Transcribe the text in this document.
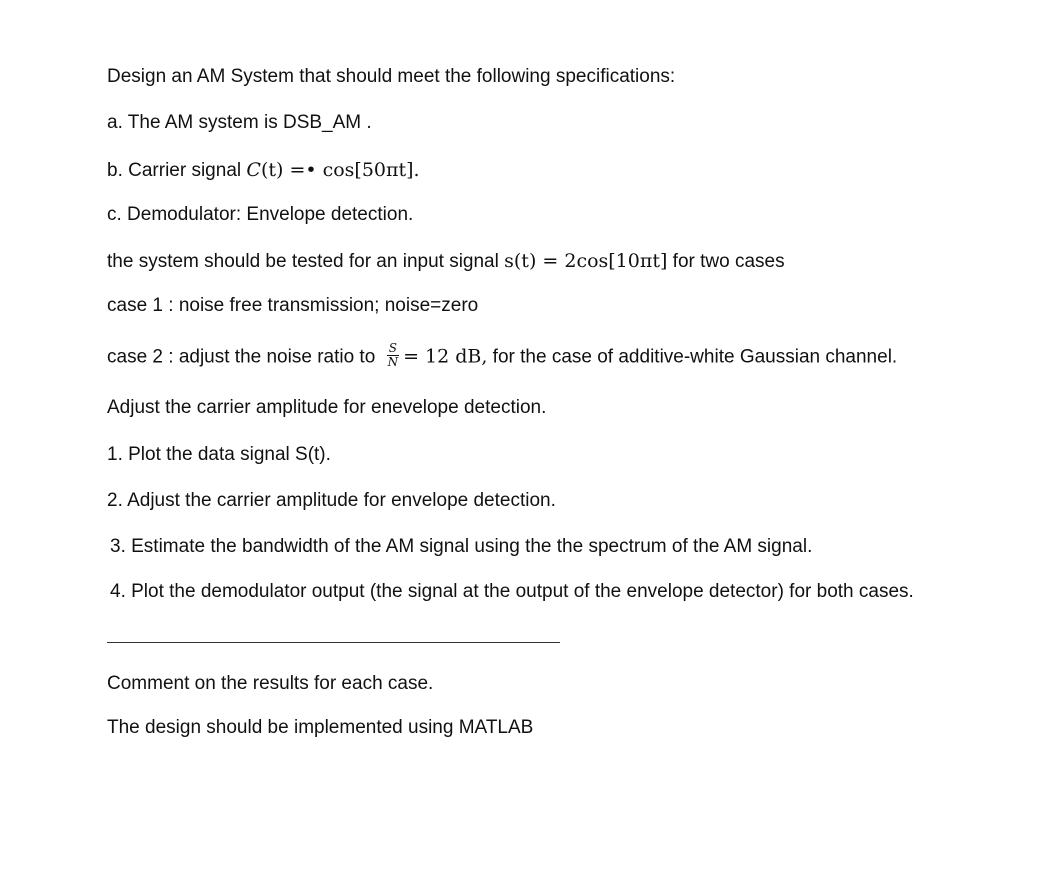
Design an AM System that should meet the following specifications:
a. The AM system is DSB_AM .
b. Carrier signal C(t) =• cos[50πt].
c. Demodulator: Envelope detection.
the system should be tested for an input signal s(t) = 2cos[10πt] for two cases
case 1 : noise free transmission; noise=zero
case 2 : adjust the noise ratio to $\frac{S}{N} = 12$ dB, for the case of additive-white Gaussian channel.
Adjust the carrier amplitude for enevelope detection.
1. Plot the data signal S(t).
2. Adjust the carrier amplitude for envelope detection.
3. Estimate the bandwidth of the AM signal using the the spectrum of the AM signal.
4. Plot the demodulator output (the signal at the output of the envelope detector) for both cases.
Comment on the results for each case.
The design should be implemented using MATLAB
